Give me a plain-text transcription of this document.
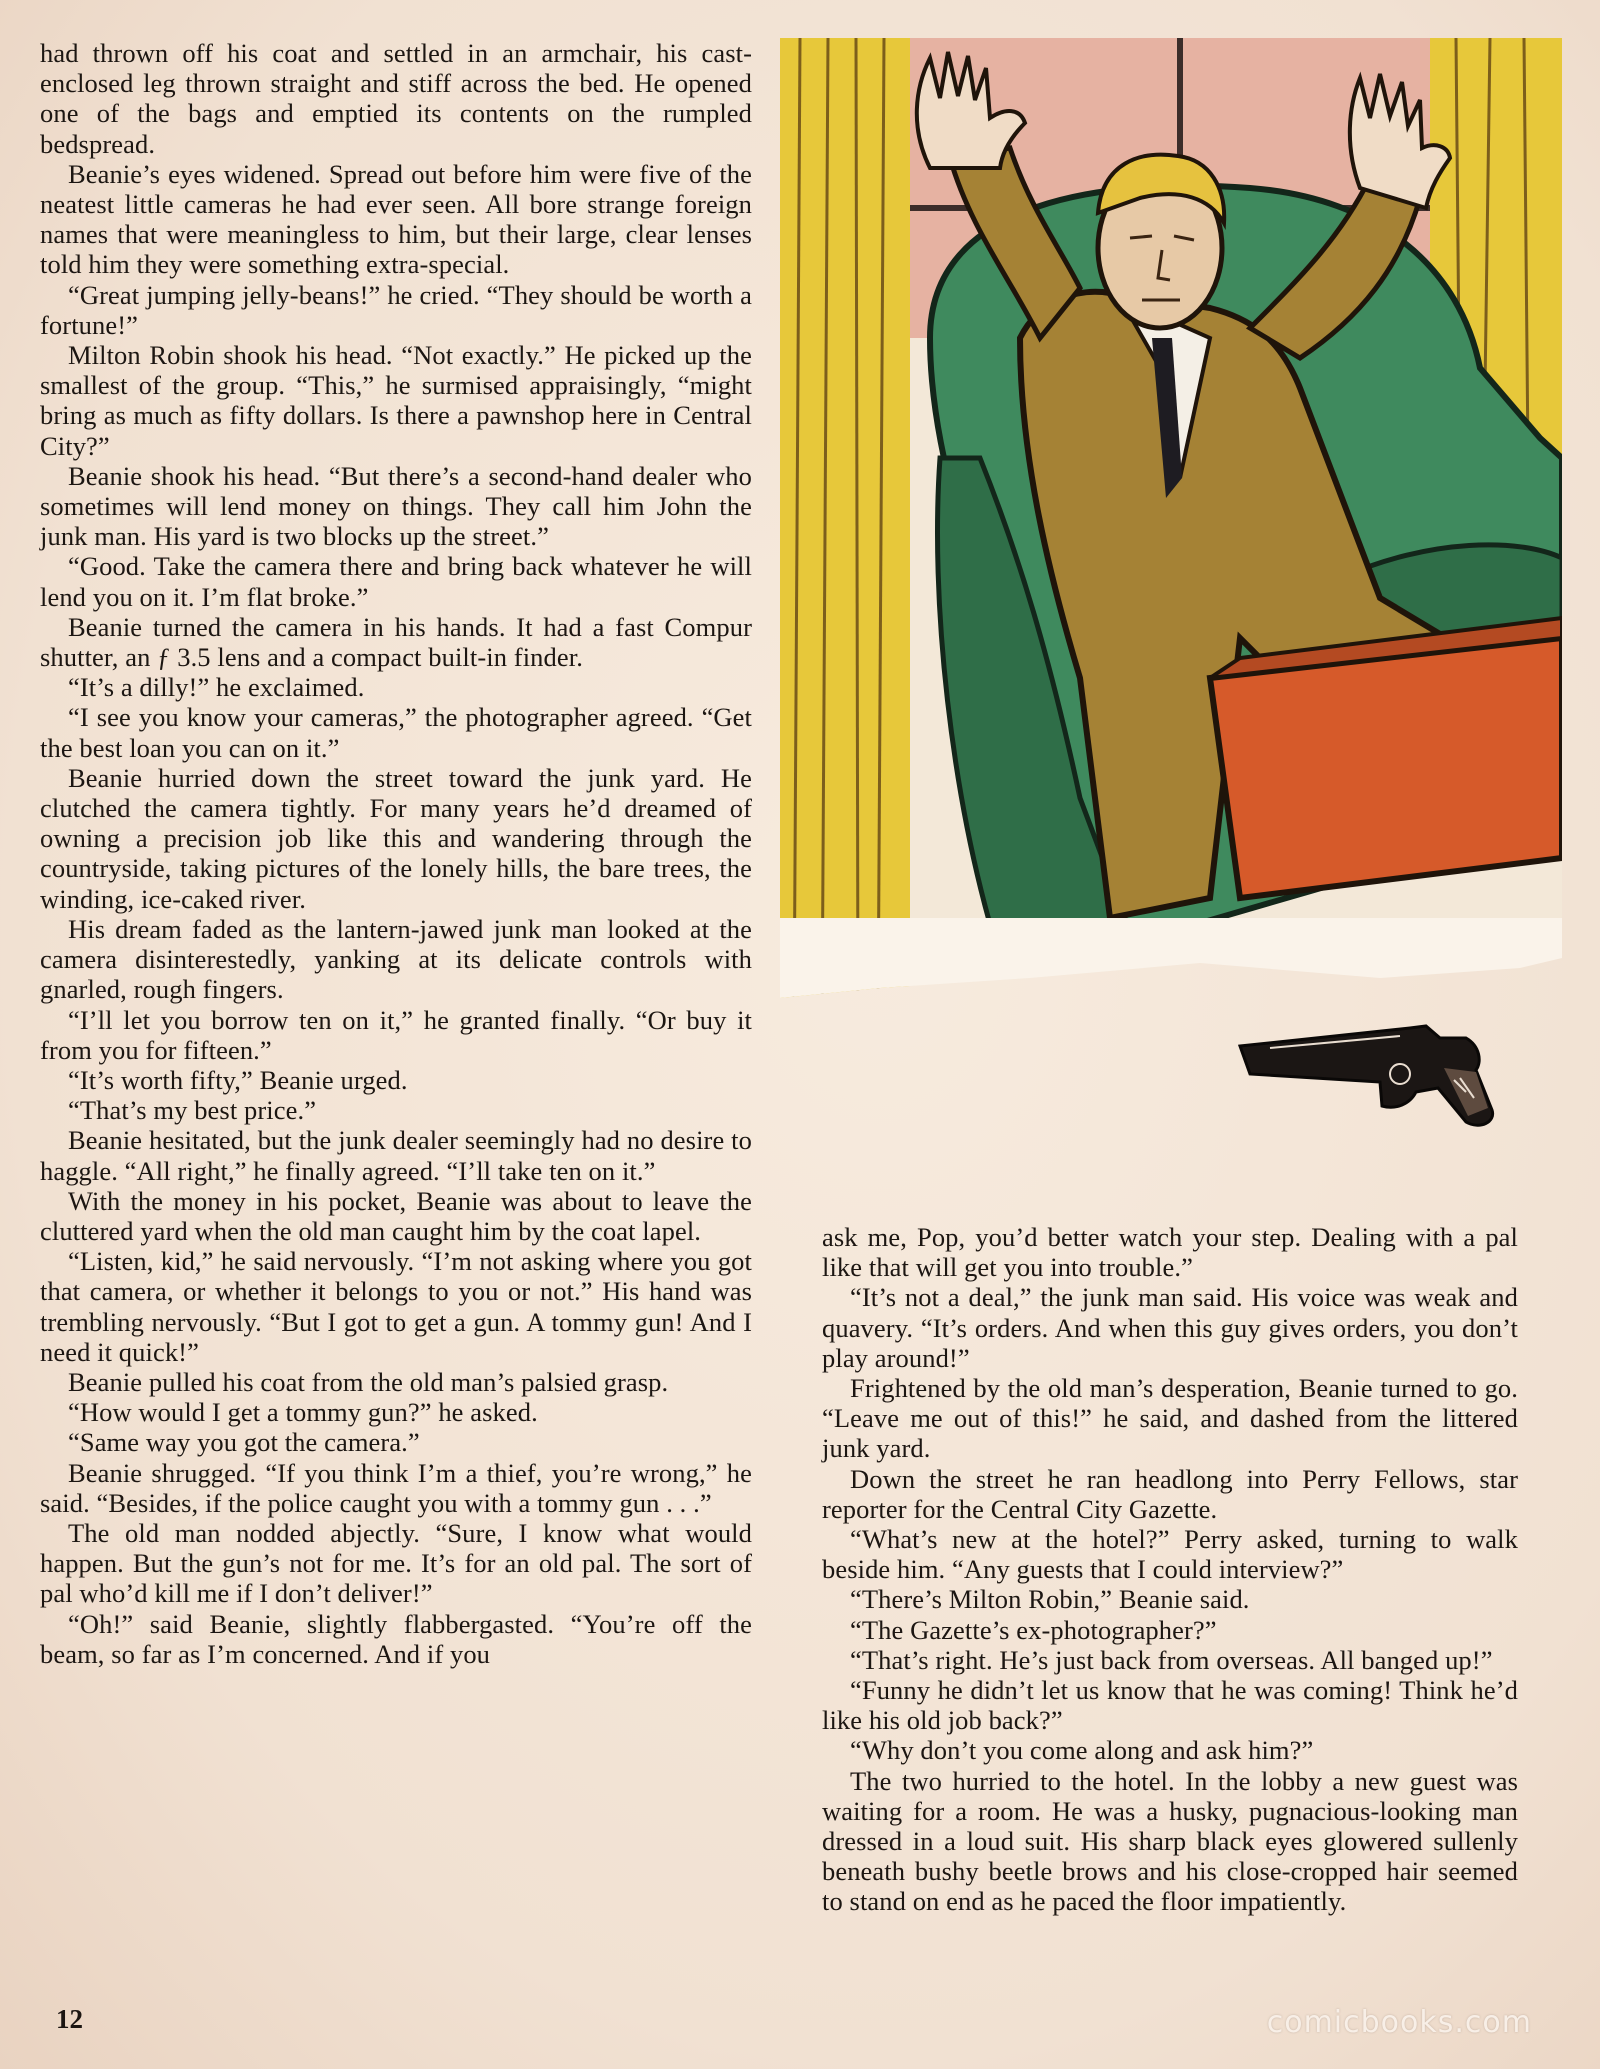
had thrown off his coat and settled in an armchair, his cast-enclosed leg thrown straight and stiff across the bed. He opened one of the bags and emptied its contents on the rumpled bedspread.

Beanie’s eyes widened. Spread out before him were five of the neatest little cameras he had ever seen. All bore strange foreign names that were meaningless to him, but their large, clear lenses told him they were something extra-special.

“Great jumping jelly-beans!” he cried. “They should be worth a fortune!”

Milton Robin shook his head. “Not exactly.” He picked up the smallest of the group. “This,” he surmised appraisingly, “might bring as much as fifty dollars. Is there a pawnshop here in Central City?”

Beanie shook his head. “But there’s a second-hand dealer who sometimes will lend money on things. They call him John the junk man. His yard is two blocks up the street.”

“Good. Take the camera there and bring back whatever he will lend you on it. I’m flat broke.”

Beanie turned the camera in his hands. It had a fast Compur shutter, an ƒ 3.5 lens and a compact built-in finder.

“It’s a dilly!” he exclaimed.

“I see you know your cameras,” the photographer agreed. “Get the best loan you can on it.”

Beanie hurried down the street toward the junk yard. He clutched the camera tightly. For many years he’d dreamed of owning a precision job like this and wandering through the countryside, taking pictures of the lonely hills, the bare trees, the winding, ice-caked river.

His dream faded as the lantern-jawed junk man looked at the camera disinterestedly, yanking at its delicate controls with gnarled, rough fingers.

“I’ll let you borrow ten on it,” he granted finally. “Or buy it from you for fifteen.”

“It’s worth fifty,” Beanie urged.

“That’s my best price.”

Beanie hesitated, but the junk dealer seemingly had no desire to haggle. “All right,” he finally agreed. “I’ll take ten on it.”

With the money in his pocket, Beanie was about to leave the cluttered yard when the old man caught him by the coat lapel.

“Listen, kid,” he said nervously. “I’m not asking where you got that camera, or whether it belongs to you or not.” His hand was trembling nervously. “But I got to get a gun. A tommy gun! And I need it quick!”

Beanie pulled his coat from the old man’s palsied grasp.

“How would I get a tommy gun?” he asked.

“Same way you got the camera.”

Beanie shrugged. “If you think I’m a thief, you’re wrong,” he said. “Besides, if the police caught you with a tommy gun . . .”

The old man nodded abjectly. “Sure, I know what would happen. But the gun’s not for me. It’s for an old pal. The sort of pal who’d kill me if I don’t deliver!”

“Oh!” said Beanie, slightly flabbergasted. “You’re off the beam, so far as I’m concerned. And if you

ask me, Pop, you’d better watch your step. Dealing with a pal like that will get you into trouble.”

“It’s not a deal,” the junk man said. His voice was weak and quavery. “It’s orders. And when this guy gives orders, you don’t play around!”

Frightened by the old man’s desperation, Beanie turned to go. “Leave me out of this!” he said, and dashed from the littered junk yard.

Down the street he ran headlong into Perry Fellows, star reporter for the Central City Gazette.

“What’s new at the hotel?” Perry asked, turning to walk beside him. “Any guests that I could interview?”

“There’s Milton Robin,” Beanie said.

“The Gazette’s ex-photographer?”

“That’s right. He’s just back from overseas. All banged up!”

“Funny he didn’t let us know that he was coming! Think he’d like his old job back?”

“Why don’t you come along and ask him?”

The two hurried to the hotel. In the lobby a new guest was waiting for a room. He was a husky, pugnacious-looking man dressed in a loud suit. His sharp black eyes glowered sullenly beneath bushy beetle brows and his close-cropped hair seemed to stand on end as he paced the floor impatiently.

12	comicbooks.com
